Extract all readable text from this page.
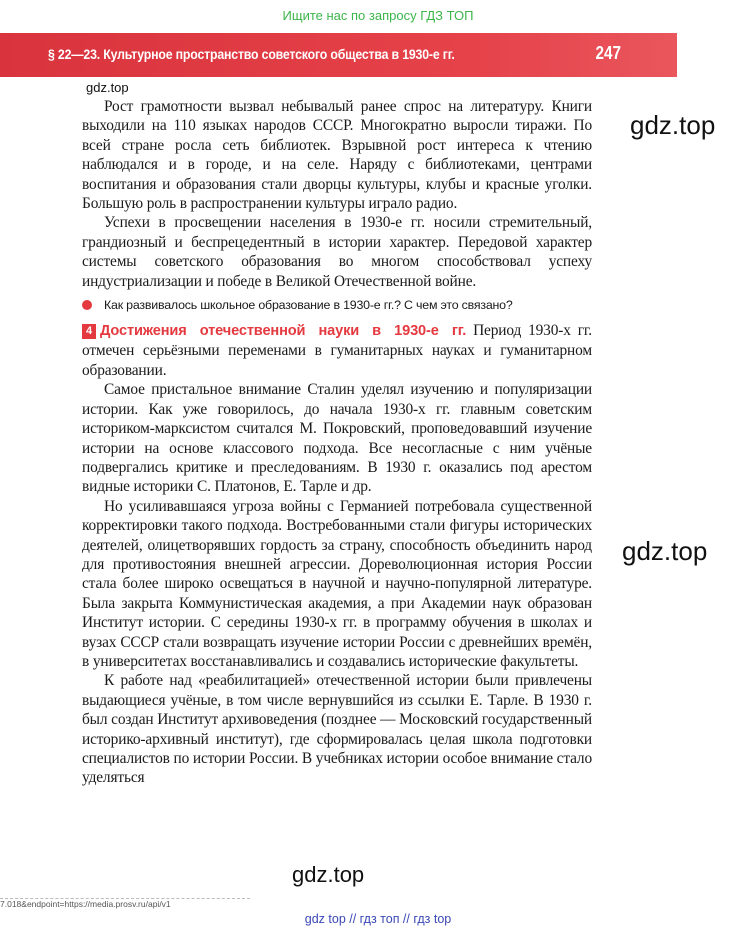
Ищите нас по запросу ГДЗ ТОП
§ 22—23. Культурное пространство советского общества в 1930-е гг.	247
gdz.top
gdz.top
gdz.top
gdz.top

Рост грамотности вызвал небывалый ранее спрос на литературу. Книги выходили на 110 языках народов СССР. Многократно выросли тиражи. По всей стране росла сеть библиотек. Взрывной рост интереса к чтению наблюдался и в городе, и на селе. Наряду с библиотеками, центрами воспитания и образования стали дворцы культуры, клубы и красные уголки. Большую роль в распространении культуры играло радио.

Успехи в просвещении населения в 1930-е гг. носили стремительный, грандиозный и беспрецедентный в истории характер. Передовой характер системы советского образования во многом способствовал успеху индустриализации и победе в Великой Отечественной войне.

Как развивалось школьное образование в 1930-е гг.? С чем это связано?

4 Достижения отечественной науки в 1930-е гг. Период 1930-х гг. отмечен серьёзными переменами в гуманитарных науках и гуманитарном образовании.

Самое пристальное внимание Сталин уделял изучению и популяризации истории. Как уже говорилось, до начала 1930-х гг. главным советским историком-марксистом считался М. Покровский, проповедовавший изучение истории на основе классового подхода. Все несогласные с ним учёные подвергались критике и преследованиям. В 1930 г. оказались под арестом видные историки С. Платонов, Е. Тарле и др.

Но усиливавшаяся угроза войны с Германией потребовала существенной корректировки такого подхода. Востребованными стали фигуры исторических деятелей, олицетворявших гордость за страну, способность объединить народ для противостояния внешней агрессии. Дореволюционная история России стала более широко освещаться в научной и научно-популярной литературе. Была закрыта Коммунистическая академия, а при Академии наук образован Институт истории. С середины 1930-х гг. в программу обучения в школах и вузах СССР стали возвращать изучение истории России с древнейших времён, в университетах восстанавливались и создавались исторические факультеты.

К работе над «реабилитацией» отечественной истории были привлечены выдающиеся учёные, в том числе вернувшийся из ссылки Е. Тарле. В 1930 г. был создан Институт архивоведения (позднее — Московский государственный историко-архивный институт), где сформировалась целая школа подготовки специалистов по истории России. В учебниках истории особое внимание стало уделяться

7.018&endpoint=https://media.prosv.ru/api/v1
gdz top // гдз топ // гдз top
